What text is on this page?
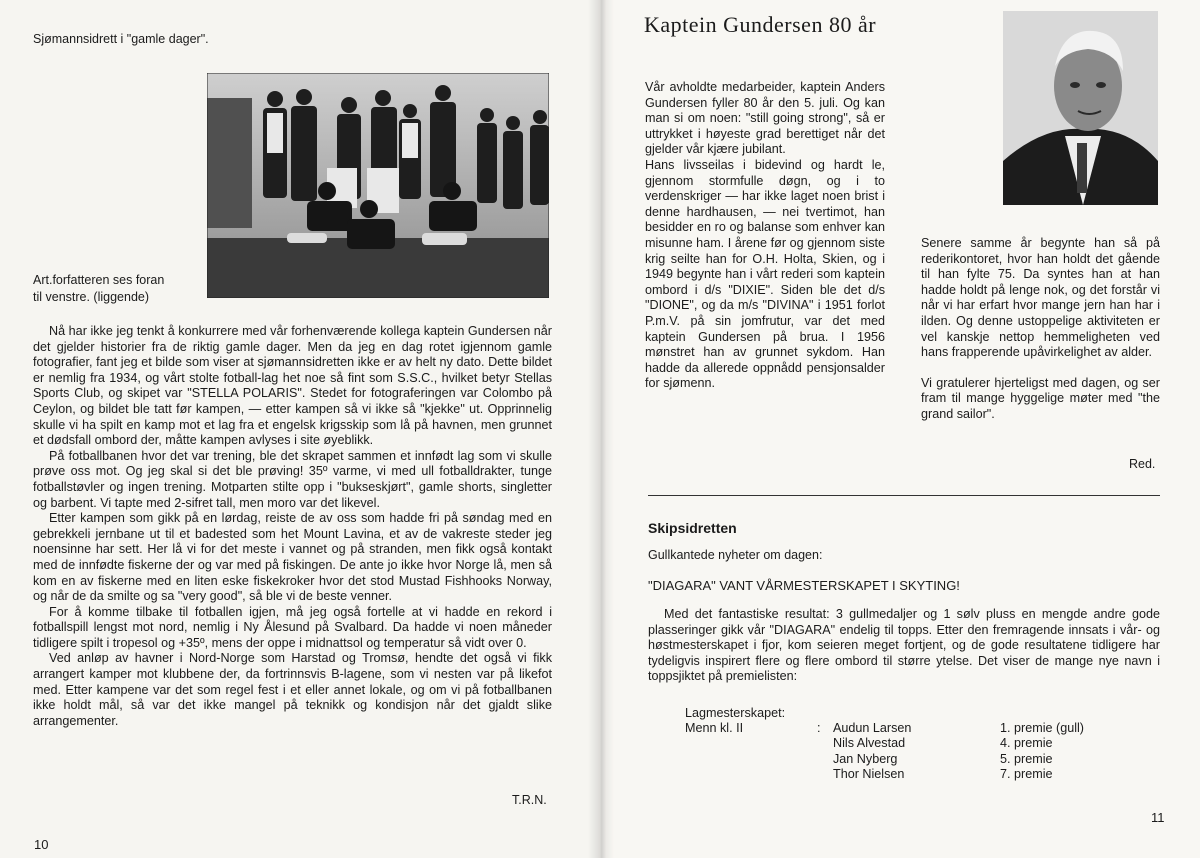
Sjømannsidrett i "gamle dager".
Art.forfatteren ses foran
til venstre. (liggende)

Nå har ikke jeg tenkt å konkurrere med vår forhenværende kollega kaptein Gundersen når det gjelder historier fra de riktig gamle dager. Men da jeg en dag rotet igjennom gamle fotografier, fant jeg et bilde som viser at sjømannsidretten ikke er av helt ny dato. Dette bildet er nemlig fra 1934, og vårt stolte fotball-lag het noe så fint som S.S.C., hvilket betyr Stellas Sports Club, og skipet var "STELLA POLARIS". Stedet for fotograferingen var Colombo på Ceylon, og bildet ble tatt før kampen, — etter kampen så vi ikke så "kjekke" ut. Opprinnelig skulle vi ha spilt en kamp mot et lag fra et engelsk krigsskip som lå på havnen, men grunnet et dødsfall ombord der, måtte kampen avlyses i site øyeblikk.

På fotballbanen hvor det var trening, ble det skrapet sammen et innfødt lag som vi skulle prøve oss mot. Og jeg skal si det ble prøving! 35º varme, vi med ull fotballdrakter, tunge fotballstøvler og ingen trening. Motparten stilte opp i "bukseskjørt", gamle shorts, singletter og barbent. Vi tapte med 2-sifret tall, men moro var det likevel.

Etter kampen som gikk på en lørdag, reiste de av oss som hadde fri på søndag med en gebrekkeli jernbane ut til et badested som het Mount Lavina, et av de vakreste steder jeg noensinne har sett. Her lå vi for det meste i vannet og på stranden, men fikk også kontakt med de innfødte fiskerne der og var med på fiskingen. De ante jo ikke hvor Norge lå, men så kom en av fiskerne med en liten eske fiskekroker hvor det stod Mustad Fishhooks Norway, og når de da smilte og sa "very good", så ble vi de beste venner.

For å komme tilbake til fotballen igjen, må jeg også fortelle at vi hadde en rekord i fotballspill lengst mot nord, nemlig i Ny Ålesund på Svalbard. Da hadde vi noen måneder tidligere spilt i tropesol og +35º, mens der oppe i midnattsol og temperatur så vidt over 0.

Ved anløp av havner i Nord-Norge som Harstad og Tromsø, hendte det også vi fikk arrangert kamper mot klubbene der, da fortrinnsvis B-lagene, som vi nesten var på likefot med. Etter kampene var det som regel fest i et eller annet lokale, og om vi på fotballbanen ikke holdt mål, så var det ikke mangel på teknikk og kondisjon når det gjaldt slike arrangementer.

T.R.N.
10
Kaptein Gundersen 80 år

Vår avholdte medarbeider, kaptein Anders Gundersen fyller 80 år den 5. juli. Og kan man si om noen: "still going strong", så er uttrykket i høyeste grad berettiget når det gjelder vår kjære jubilant.

Hans livsseilas i bidevind og hardt le, gjennom stormfulle døgn, og i to verdenskriger — har ikke laget noen brist i denne hardhausen, — nei tvertimot, han besidder en ro og balanse som enhver kan misunne ham. I årene før og gjennom siste krig seilte han for O.H. Holta, Skien, og i 1949 begynte han i vårt rederi som kaptein ombord i d/s "DIXIE". Siden ble det d/s "DIONE", og da m/s "DIVINA" i 1951 forlot P.m.V. på sin jomfrutur, var det med kaptein Gundersen på brua. I 1956 mønstret han av grunnet sykdom. Han hadde da allerede oppnådd pensjonsalder for sjømenn.

Senere samme år begynte han så på rederikontoret, hvor han holdt det gående til han fylte 75. Da syntes han at han hadde holdt på lenge nok, og det forstår vi når vi har erfart hvor mange jern han har i ilden. Og denne ustoppelige aktiviteten er vel kanskje nettop hemmeligheten ved hans frapperende upåvirkelighet av alder.

Vi gratulerer hjerteligst med dagen, og ser fram til mange hyggelige møter med "the grand sailor".

Red.
Skipsidretten
Gullkantede nyheter om dagen:
"DIAGARA" VANT VÅRMESTERSKAPET I SKYTING!

Med det fantastiske resultat: 3 gullmedaljer og 1 sølv pluss en mengde andre gode plasseringer gikk vår "DIAGARA" endelig til topps. Etter den fremragende innsats i vår- og høstmesterskapet i fjor, kom seieren meget fortjent, og de gode resultatene tidligere har tydeligvis inspirert flere og flere ombord til større ytelse. Det viser de mange nye navn i toppsjiktet på premielisten:

Lagmesterskapet:
Menn kl. II	: Audun Larsen
Nils Alvestad
Jan Nyberg
Thor Nielsen
1. premie (gull)
4. premie
5. premie
7. premie
11
